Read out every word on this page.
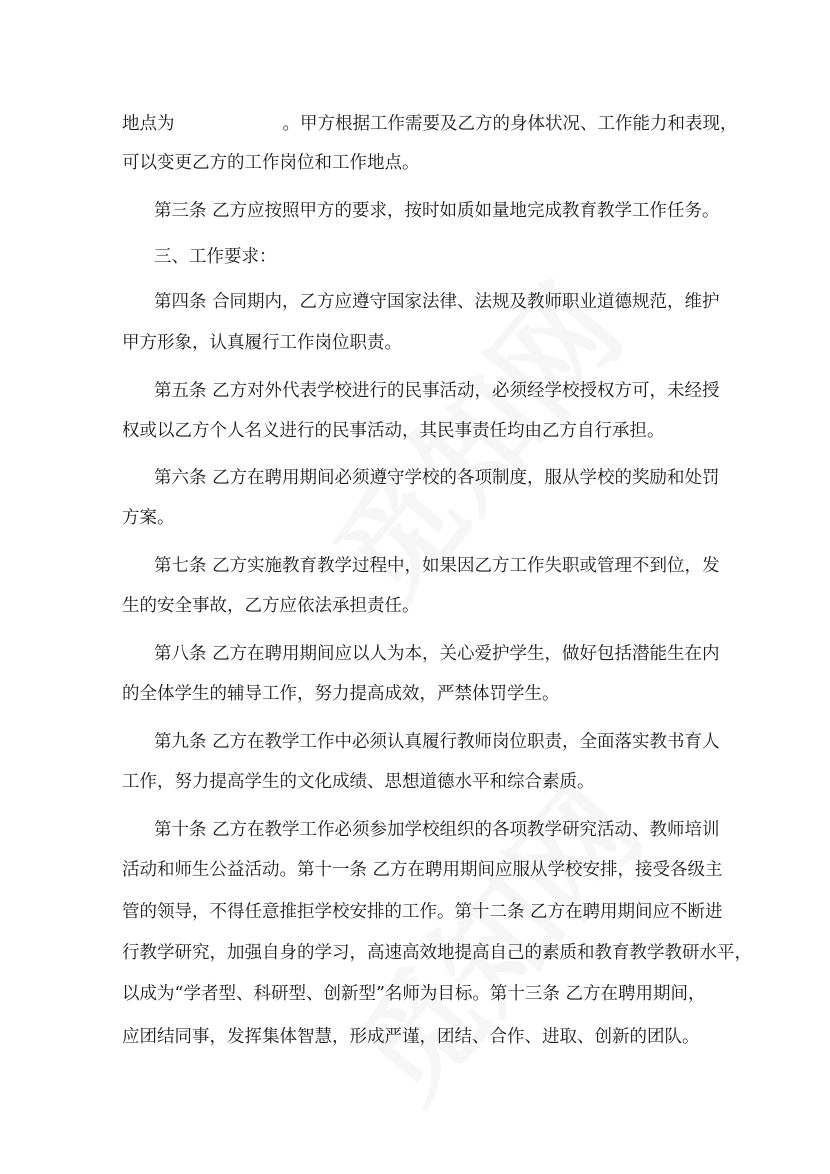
地点为	。甲方根据工作需要及乙方的身体状况、工作能力和表现，
可以变更乙方的工作岗位和工作地点。
第三条 乙方应按照甲方的要求，按时如质如量地完成教育教学工作任务。
三、工作要求：
第四条 合同期内，乙方应遵守国家法律、法规及教师职业道德规范，维护
甲方形象，认真履行工作岗位职责。
第五条 乙方对外代表学校进行的民事活动，必须经学校授权方可，未经授
权或以乙方个人名义进行的民事活动，其民事责任均由乙方自行承担。
第六条 乙方在聘用期间必须遵守学校的各项制度，服从学校的奖励和处罚
方案。
第七条 乙方实施教育教学过程中，如果因乙方工作失职或管理不到位，发
生的安全事故，乙方应依法承担责任。
第八条 乙方在聘用期间应以人为本，关心爱护学生，做好包括潜能生在内
的全体学生的辅导工作，努力提高成效，严禁体罚学生。
第九条 乙方在教学工作中必须认真履行教师岗位职责，全面落实教书育人
工作，努力提高学生的文化成绩、思想道德水平和综合素质。
第十条 乙方在教学工作必须参加学校组织的各项教学研究活动、教师培训
活动和师生公益活动。第十一条 乙方在聘用期间应服从学校安排，接受各级主
管的领导，不得任意推拒学校安排的工作。第十二条 乙方在聘用期间应不断进
行教学研究，加强自身的学习，高速高效地提高自己的素质和教育教学教研水平，
以成为“学者型、科研型、创新型”名师为目标。第十三条 乙方在聘用期间，
应团结同事，发挥集体智慧，形成严谨，团结、合作、进取、创新的团队。
